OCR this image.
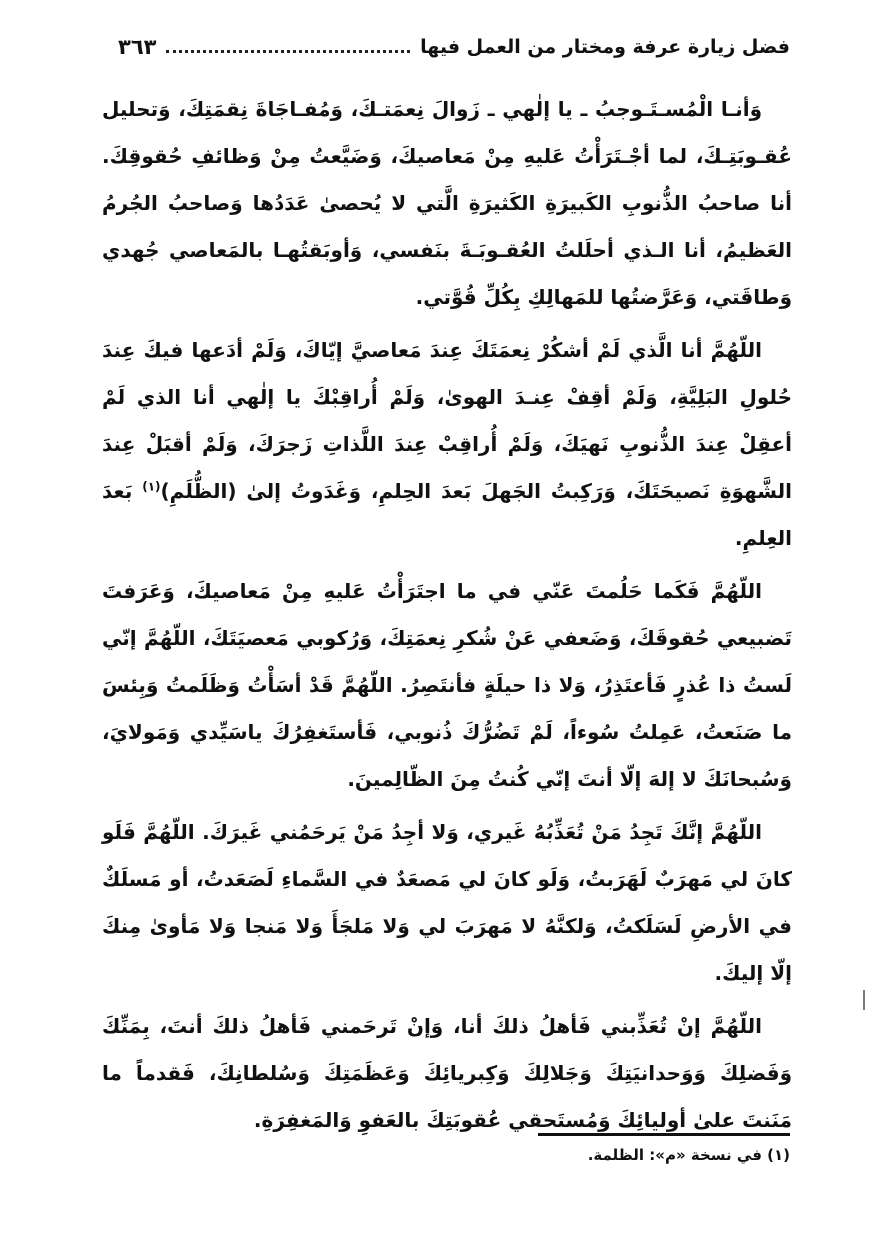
فضل زيارة عرفة ومختار من العمل فيها
٣٦٣

وَأنـا الْمُسـتَـوجبُ ـ يا إلٰهي ـ زَوالَ نِعمَتـكَ، وَمُفـاجَاةَ نِقمَتِكَ، وَتحليل عُقـوبَتِـكَ، لما أجْـتَرَأْتُ عَليهِ مِنْ مَعاصيكَ، وَضَيَّعتُ مِنْ وَظائفِ حُقوقِكَ. أنا صاحبُ الذُّنوبِ الكَبيرَةِ الكَثيرَةِ الَّتي لا يُحصىٰ عَدَدُها وَصاحبُ الجُرمُ العَظيمُ، أنا الـذي أحلَلتُ العُقـوبَـةَ بنَفسي، وَأوبَقتُهـا بالمَعاصي جُهدي وَطاقَتي، وَعَرَّضتُها للمَهالِكِ بِكُلِّ قُوَّتي.

اللّهُمَّ أنا الَّذي لَمْ أشكُرْ نِعمَتَكَ عِندَ مَعاصيَّ إيّاكَ، وَلَمْ أدَعها فيكَ عِندَ حُلولِ البَلِيَّةِ، وَلَمْ أقِفْ عِنـدَ الهوىٰ، وَلَمْ أُراقِبْكَ يا إلٰهي أنا الذي لَمْ أعقِلْ عِندَ الذُّنوبِ نَهيَكَ، وَلَمْ أُراقِبْ عِندَ اللَّذاتِ زَجرَكَ، وَلَمْ أقبَلْ عِندَ الشَّهوَةِ نَصيحَتَكَ، وَرَكِبتُ الجَهلَ بَعدَ الحِلمِ، وَغَدَوتُ إلىٰ (الظُّلَمِ)$^{(١)}$ بَعدَ العِلمِ.

اللّهُمَّ فَكَما حَلُمتَ عَنّي في ما اجتَرَأْتُ عَليهِ مِنْ مَعاصيكَ، وَعَرَفتَ تَضبيعي حُقوقَكَ، وَضَعفي عَنْ شُكرِ نِعمَتِكَ، وَرُكوبي مَعصيَتَكَ، اللّهُمَّ إنّي لَستُ ذا عُذرٍ فَأعتَذِرُ، وَلا ذا حيلَةٍ فأنتَصِرُ. اللّهُمَّ قَدْ أسَأْتُ وَظَلَمتُ وَبِئسَ ما صَنَعتُ، عَمِلتُ سُوءاً، لَمْ تَضُرُّكَ ذُنوبي، فَأستَغفِرُكَ ياسَيِّدي وَمَولايَ، وَسُبحانَكَ لا إلهَ إلّا أنتَ إنّي كُنتُ مِنَ الظّالِمينَ.

اللّهُمَّ إنَّكَ تَجِدُ مَنْ تُعَذِّبُهُ غَيري، وَلا أجِدُ مَنْ يَرحَمُني غَيرَكَ. اللّهُمَّ فَلَو كانَ لي مَهرَبٌ لَهَرَبتُ، وَلَو كانَ لي مَصعَدٌ في السَّماءِ لَصَعَدتُ، أو مَسلَكٌ في الأرضِ لَسَلَكتُ، وَلكنَّهُ لا مَهرَبَ لي وَلا مَلجَأَ وَلا مَنجا وَلا مَأوىٰ مِنكَ إلّا إليكَ.

اللّهُمَّ إنْ تُعَذِّبني فَأهلُ ذلكَ أنا، وَإنْ تَرحَمني فَأهلُ ذلكَ أنتَ، بِمَنِّكَ وَفَضلِكَ وَوَحدانيَتِكَ وَجَلالِكَ وَكِبريائِكَ وَعَظَمَتِكَ وَسُلطانِكَ، فَقدماً ما مَنَنتَ علىٰ أوليائِكَ وَمُستَحقي عُقوبَتِكَ بالعَفوِ وَالمَغفِرَةِ.

(١) في نسخة «م»: الظلمة.
